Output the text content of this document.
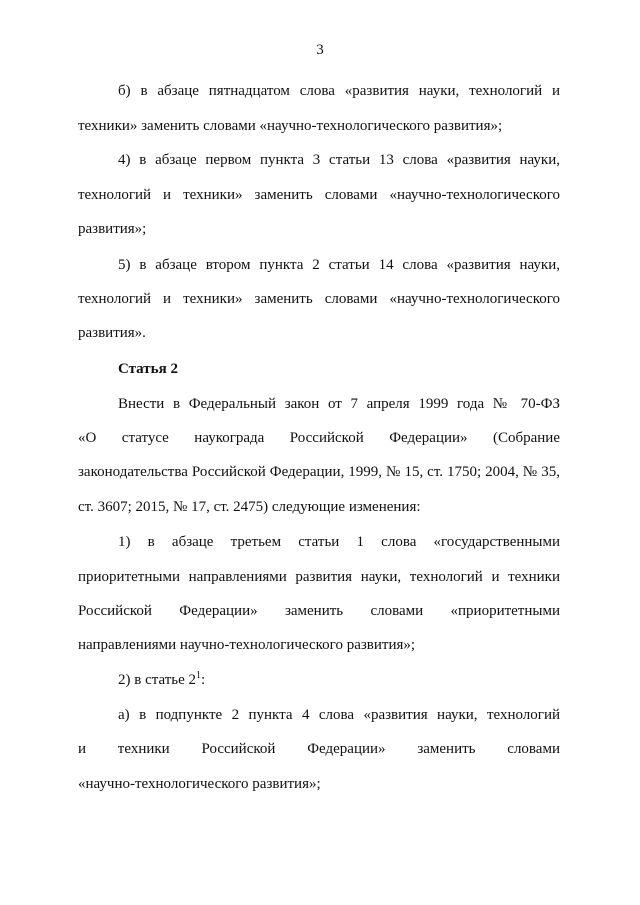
3
б) в абзаце пятнадцатом слова «развития науки, технологий и
техники» заменить словами «научно-технологического развития»;
4) в абзаце первом пункта 3 статьи 13 слова «развития науки,
технологий и техники» заменить словами «научно-технологического
развития»;
5) в абзаце втором пункта 2 статьи 14 слова «развития науки,
технологий и техники» заменить словами «научно-технологического
развития».
Статья 2
Внести в Федеральный закон от 7 апреля 1999 года № 70-ФЗ
«О статусе наукограда Российской Федерации» (Собрание
законодательства Российской Федерации, 1999, № 15, ст. 1750; 2004, № 35,
ст. 3607; 2015, № 17, ст. 2475) следующие изменения:
1) в абзаце третьем статьи 1 слова «государственными
приоритетными направлениями развития науки, технологий и техники
Российской Федерации» заменить словами «приоритетными
направлениями научно-технологического развития»;
2) в статье $2^1$:
а) в подпункте 2 пункта 4 слова «развития науки, технологий
и техники Российской Федерации» заменить словами
«научно-технологического развития»;
